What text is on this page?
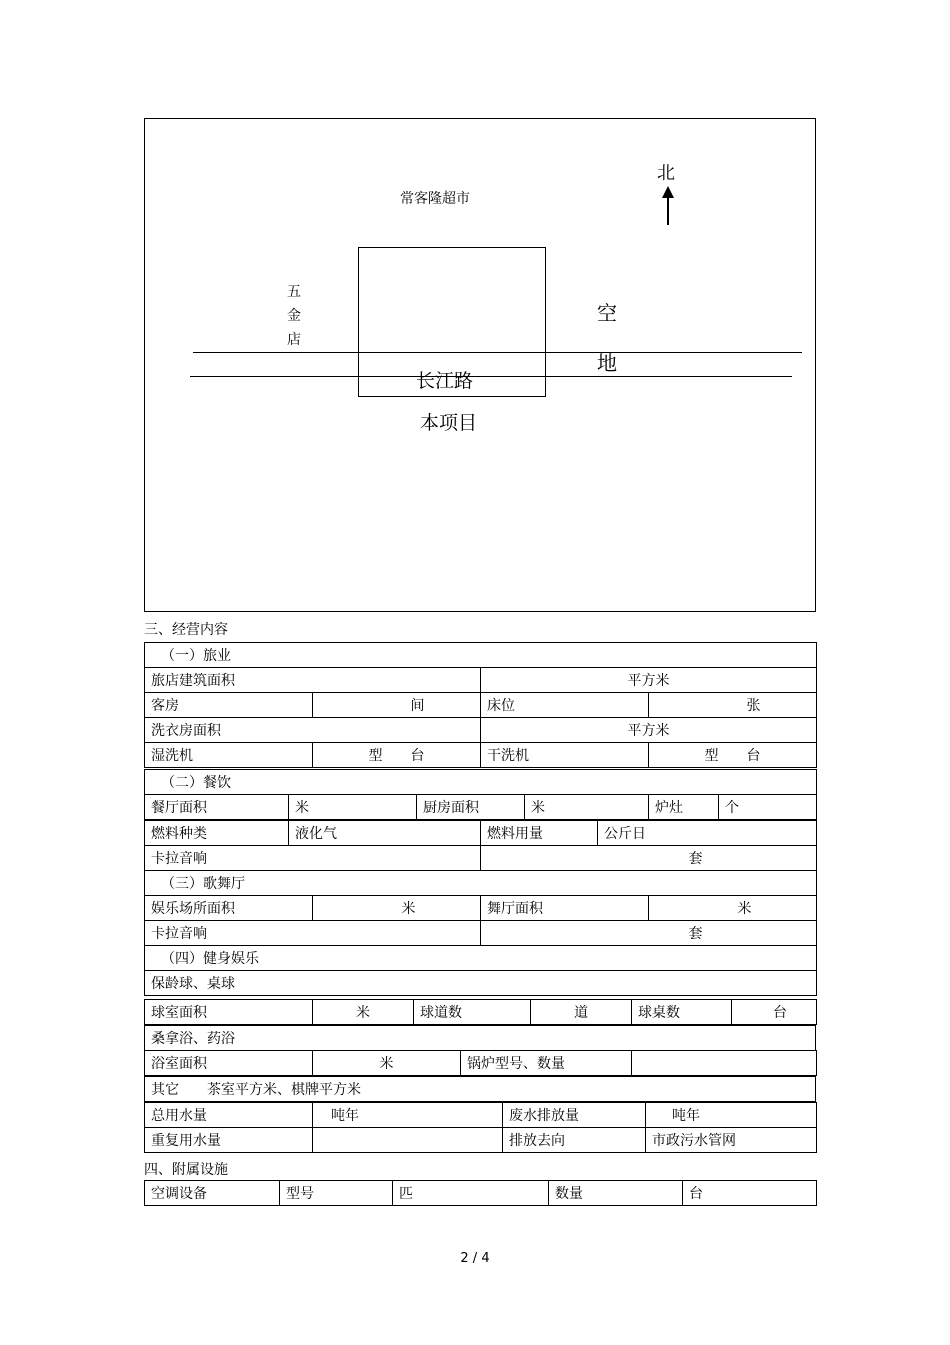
常客隆超市
北
五
金
店
空
地
长江路
本项目
三、经营内容
（一）旅业			
旅店建筑面积		平方米	
客房	间	床位	张
洗衣房面积		平方米	
湿洗机	型　　台	干洗机	型　　台
（二）餐饮
餐厅面积	米	厨房面积	米	炉灶	个
燃料种类	液化气	燃料用量	公斤日
卡拉音响		套	
（三）歌舞厅			
娱乐场所面积	米	舞厅面积	米
卡拉音响		套	
（四）健身娱乐			
保龄球、桌球			
球室面积	米	球道数	道	球桌数	台
桑拿浴、药浴
浴室面积	米	锅炉型号、数量	
其它　　茶室平方米、棋牌平方米
总用水量	吨年	废水排放量	吨年
重复用水量		排放去向	市政污水管网
四、附属设施
空调设备	型号	匹	数量	台
2 / 4
